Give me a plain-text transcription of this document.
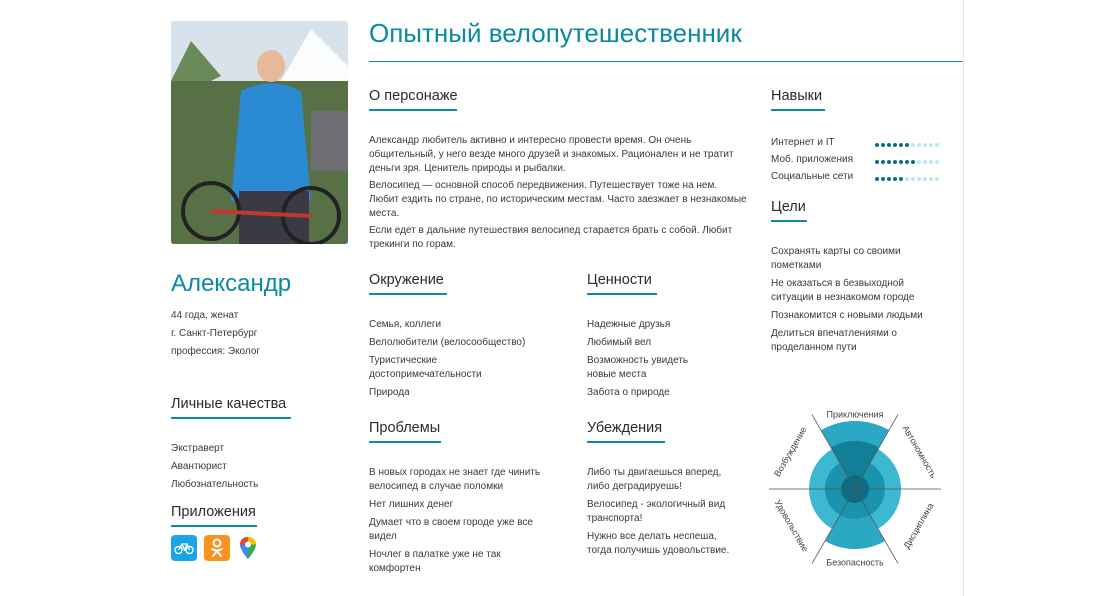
Опытный велопутешественник
Александр

44 года, женат

г. Санкт-Петербург

профессия: Эколог

О персонаже

Александр любитель активно и интересно провести время. Он очень общительный, у него везде много друзей и знакомых. Рационален и не тратит деньги зря. Ценитель природы и рыбалки.

Велосипед — основной способ передвижения. Путешествует тоже на нем. Любит ездить по стране, по историческим местам. Часто заезжает в незнакомые места.

Если едет в дальние путешествия велосипед старается брать с собой. Любит трекинги по горам.

Навыки

Интернет и IT
Моб. приложения
Социальные сети

Цели

Сохранять карты со своими пометками

Не оказаться в безвыходной ситуации в незнакомом городе

Познакомится с новыми людьми

Делиться впечатлениями о проделанном пути

Окружение

Семья, коллеги

Велолюбители (велосообщество)

Туристические достопримечательности

Природа

Ценности

Надежные друзья

Любимый вел

Возможность увидеть новые места

Забота о природе

Личные качества

Экстраверт

Авантюрист

Любознательность

Проблемы

В новых городах не знает где чинить велосипед в случае поломки

Нет лишних денег

Думает что в своем городе уже все видел

Ночлег в палатке уже не так комфортен

Убеждения

Либо ты двигаешься вперед, либо деградируешь!

Велосипед - экологичный вид транспорта!

Нужно все делать неспеша, тогда получишь удовольствие.

Приложения

Приключения
Автономность
Дисциплина
Безопасность
Удовольствие
Возбуждение
